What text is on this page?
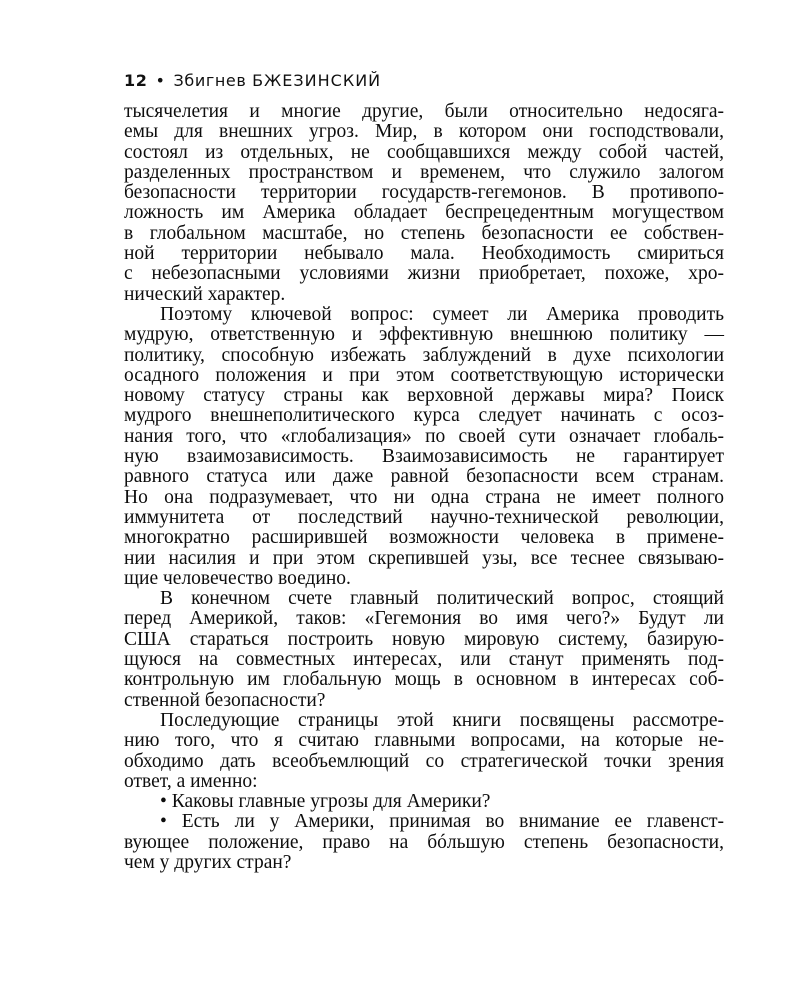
12 • Збигнев БЖЕЗИНСКИЙ
тысячелетия и многие другие, были относительно недосяга-
емы для внешних угроз. Мир, в котором они господствовали,
состоял из отдельных, не сообщавшихся между собой частей,
разделенных пространством и временем, что служило залогом
безопасности территории государств-гегемонов. В противопо-
ложность им Америка обладает беспрецедентным могуществом
в глобальном масштабе, но степень безопасности ее собствен-
ной территории небывало мала. Необходимость смириться
с небезопасными условиями жизни приобретает, похоже, хро-
нический характер.
Поэтому ключевой вопрос: сумеет ли Америка проводить
мудрую, ответственную и эффективную внешнюю политику —
политику, способную избежать заблуждений в духе психологии
осадного положения и при этом соответствующую исторически
новому статусу страны как верховной державы мира? Поиск
мудрого внешнеполитического курса следует начинать с осоз-
нания того, что «глобализация» по своей сути означает глобаль-
ную взаимозависимость. Взаимозависимость не гарантирует
равного статуса или даже равной безопасности всем странам.
Но она подразумевает, что ни одна страна не имеет полного
иммунитета от последствий научно-технической революции,
многократно расширившей возможности человека в примене-
нии насилия и при этом скрепившей узы, все теснее связываю-
щие человечество воедино.
В конечном счете главный политический вопрос, стоящий
перед Америкой, таков: «Гегемония во имя чего?» Будут ли
США стараться построить новую мировую систему, базирую-
щуюся на совместных интересах, или станут применять под-
контрольную им глобальную мощь в основном в интересах соб-
ственной безопасности?
Последующие страницы этой книги посвящены рассмотре-
нию того, что я считаю главными вопросами, на которые не-
обходимо дать всеобъемлющий со стратегической точки зрения
ответ, а именно:
• Каковы главные угрозы для Америки?
• Есть ли у Америки, принимая во внимание ее главенст-
вующее положение, право на бóльшую степень безопасности,
чем у других стран?
